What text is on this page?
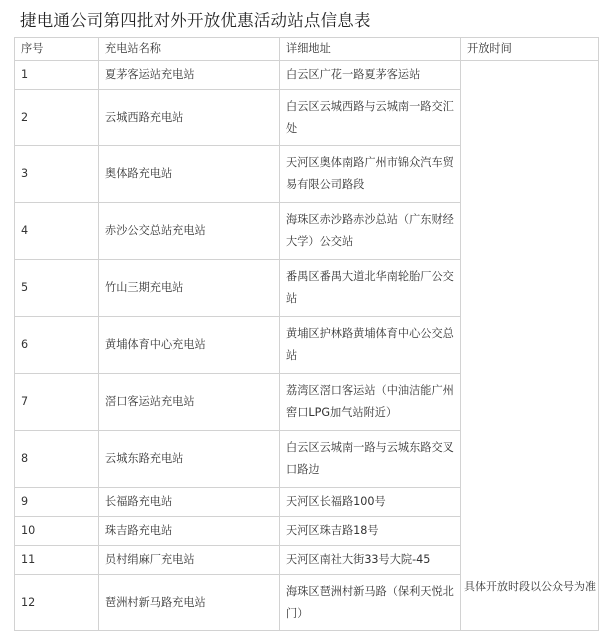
捷电通公司第四批对外开放优惠活动站点信息表
序号	充电站名称	详细地址	开放时间
1	夏茅客运站充电站	白云区广花一路夏茅客运站	具体开放时段以公众号为准
2	云城西路充电站	白云区云城西路与云城南一路交汇处	
3	奥体路充电站	天河区奥体南路广州市锦众汽车贸易有限公司路段	
4	赤沙公交总站充电站	海珠区赤沙路赤沙总站（广东财经大学）公交站	
5	竹山三期充电站	番禺区番禺大道北华南轮胎厂公交站	
6	黄埔体育中心充电站	黄埔区护林路黄埔体育中心公交总站	
7	滘口客运站充电站	荔湾区滘口客运站（中油洁能广州窖口LPG加气站附近）	
8	云城东路充电站	白云区云城南一路与云城东路交叉口路边	
9	长福路充电站	天河区长福路100号	
10	珠吉路充电站	天河区珠吉路18号	
11	员村绢麻厂充电站	天河区南社大街33号大院-45	
12	琶洲村新马路充电站	海珠区琶洲村新马路（保利天悦北门）	
